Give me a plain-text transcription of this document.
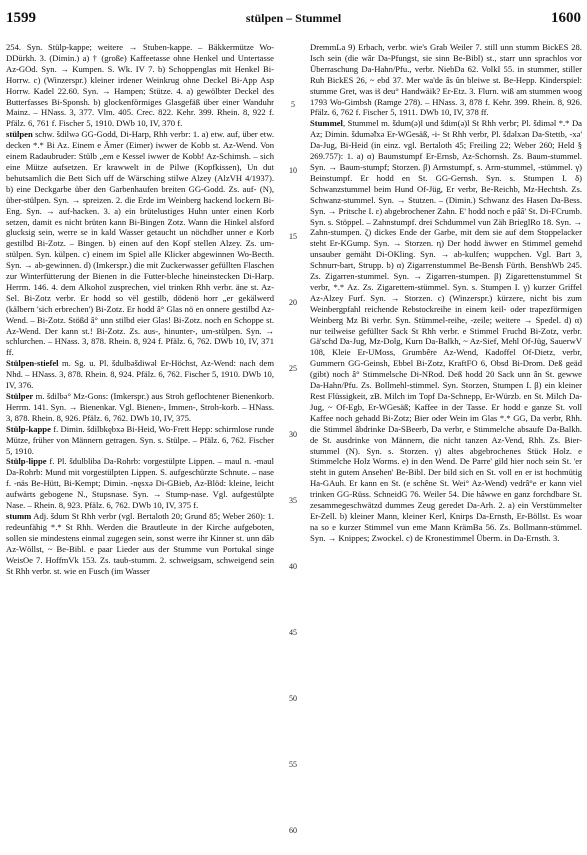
1599	stülpen – Stummel	1600
254. Syn. Stülp-kappe; weitere → Stuben-kappe. – Bäkkermütze Wo-DDürkh. 3. (Dimin.) a) † (große) Kaffeetasse ohne Henkel und Untertasse Az-GOd. Syn. → Kumpen. S. Wk. IV 7. b) Schoppenglas mit Henkel Bi-Horrw. c) (Winzerspr.) kleiner irdener Weinkrug ohne Deckel Bi-App Asp Horrw. Kadel 22.60. Syn. → Hampen; Stütze. 4. a) gewölbter Deckel des Butterfasses Bi-Sponsh. b) glockenförmiges Glasgefäß über einer Wanduhr Mainz. – HNass. 3, 377. Vlm. 405. Crec. 822. Kehr. 399. Rhein. 8, 922 f. Pfälz. 6, 761 f. Fischer 5, 1910. DWb 10, IV, 370 f.
stülpen schw. šdilwə GG-Godd, Di-Harp, Rhh verbr: 1. a) etw. auf, über etw. decken *.* Bi Az. Einem e Ämer (Eimer) iwwer de Kobb st. Az-Wend. Von einem Radaubruder: Stülb „em e Kessel iwwer de Kobb! Az-Schimsh. – sich eine Mütze aufsetzen. Er krawwelt in de Pilwe (Kopfkissen), Un dut behutsamlich die Bett Sich uff de Wärsching stilwe Alzey (AlzVH 4/1937). b) eine Deckgarbe über den Garbenhaufen breiten GG-Godd. Zs. auf- (N), über-stülpen. Syn. → spreizen. 2. die Erde im Weinberg hackend lockern Bi-Eng. Syn. → auf-hacken. 3. a) ein brütelustiges Huhn unter einen Korb setzen, damit es nicht brüten kann Bi-Bingen Zotz. Wann die Hinkel alsford glucksig sein, werre se in kald Wasser getaucht un nöchdher unner e Korb gestilbd Bi-Zotz. – Bingen. b) einen auf den Kopf stellen Alzey. Zs. um-stülpen. Syn. külpen. c) einem im Spiel alle Klicker abgewinnen Wo-Becth. Syn. → ab-gewinnen. d) (Imkerspr.) die mit Zuckerwasser gefüllten Flaschen zur Winterfütterung der Bienen in die Futter-bleche hineinstecken Di-Harp. Herrm. 146. 4. dem Alkohol zusprechen, viel trinken Rhh verbr. äne st. Az-Sel. Bi-Zotz verbr. Er hodd so vël gestilb, dödenö horr „er gekälwerd (kälbern 'sich erbrechen') Bi-Zotz. Er hodd â° Glas nö en onnere gestilbd Az-Wend. – Bi-Zotz. Stößd â° unn stilbd eier Glas! Bi-Zotz. noch en Schoppe st. Az-Wend. Der kann st.! Bi-Zotz. Zs. aus-, hinunter-, um-stülpen. Syn. → schlurchen. – HNass. 3, 878. Rhein. 8, 924 f. Pfälz. 6, 762. DWb 10, IV, 371 ff.
Stülpen-stiefel m. Sg. u. Pl. šdulbəšdiwəl Er-Höchst, Az-Wend: nach dem Nhd. – HNass. 3, 878. Rhein. 8, 924. Pfälz. 6, 762. Fischer 5, 1910. DWb 10, IV, 376.
Stülper m. šdilbə° Mz-Gons: (Imkerspr.) aus Stroh geflochtener Bienenkorb. Herrm. 141. Syn. → Bienenkar. Vgl. Bienen-, Immen-, Stroh-korb. – HNass. 3, 878. Rhein. 8, 926. Pfälz. 6, 762. DWb 10, IV, 375.
Stülp-kappe f. Dimin. šdilbkębxə Bi-Heid, Wo-Frett Hepp: schirmlose runde Mütze, früher von Männern getragen. Syn. s. Stülpe. – Pfälz. 6, 762. Fischer 5, 1910.
Stülp-lippe f. Pl. šdulbliba Da-Rohrb: vorgestülpte Lippen. – maul n. -maul Da-Rohrb: Mund mit vorgestülpten Lippen. S. aufgeschürzte Schnute. – nase f. -näs Be-Hütt, Bi-Kempt; Dimin. -nęsxə Di-GBieb, Az-Blöd: kleine, leicht aufwärts gebogene N., Stupsnase. Syn. → Stump-nase. Vgl. aufgestülpte Nase. – Rhein. 8, 923. Pfälz. 6, 762. DWb 10, IV, 375 f.
stumm Adj. šdum St Rhh verbr (vgl. Bertaloth 20; Grund 85; Weber 260): 1. redeunfähig *.* St Rhh. Werden die Brautleute in der Kirche aufgeboten, sollen sie mindestens einmal zugegen sein, sonst werre ihr Kinner st. unn dãb Az-Wöllst, ~ Be-Bibl. e paar Lieder aus der Stumme vun Portukal singe WeisOe 7. HoffmVk 153. Zs. taub-stumm. 2. schweigsam, schweigend sein St Rhh verbr. st. wie en Fusch (im Wasser
5
10
15
20
25
30
35
40
45
50
55
60
DremmLa 9) Erbach, verbr. wie's Grab Weiler 7. still unn stumm BickES 28. Isch sein (die wâr Da-Pfungst, sie sinn Be-Bibl) st., starr unn sprachlos vor Überraschung Da-Hahn/Pfu., verbr. NiebDa 62. VolkI 55. in stummer, stiller Ruh BickES 26, ~ ebd 37. Mer wa'de âs ûn bleiwe st. Be-Hepp. Kinderspiel: stumme Gret, was is̃ deu° Handwäik? Er-Etz. 3. Flurn. wiß am stummen woog 1793 Wo-Gimbsh (Ramge 278). – HNass. 3, 878 f. Kehr. 399. Rhein. 8, 926. Pfälz. 6, 762 f. Fischer 5, 1911. DWb 10, IV, 378 ff.
Stummel, Stummel m. šdum(ə)l und šdim(ə)l St Rhh verbr; Pl. šdiməl *.* Da Az; Dimin. šdumə̃lxə Er-WGesäß, -i- St Rhh verbr, Pl. šdəlxən Da-Stettb, -xə' Da-Jug, Bi-Heid (in einz. vgl. Bertaloth 45; Freiling 22; Weber 260; Held § 269.757): 1. a) α) Baumstumpf Er-Ernsb, Az-Schornsh. Zs. Baum-stummel. Syn. → Baum-stumpf; Storzen. β) Armstumpf, s. Arm-stummel, -stümmel. γ) Beinstumpf. Er hodd en St. GG-Gernsh. Syn. s. Stumpen I. δ) Schwanzstummel beim Hund Of-Jüg, Er verbr, Be-Reichb, Mz-Hechtsh. Zs. Schwanz-stummel. Syn. → Stutzen. – (Dimin.) Schwanz des Hasen Da-Bess. Syn. → Pritsche I. ε) abgebrochener Zahn. E' hodd noch e pââ' St. Di-FCrumb. Syn. s. Stöppel. – Zahnstumpf. drei Schdummel vun Zäh BrieglRo 18. Syn. → Zahn-stumpen. ζ) dickes Ende der Garbe, mit dem sie auf dem Stoppelacker steht Er-KGump. Syn. → Storzen. η) Der hodd äwwer en Stimmel gemehd unsauber gemäht Di-OKling. Syn. → ab-kulfen; wuppchen. Vgl. Bart 3, Schnurr-bart, Strupp. b) α) Zigarrenstummel Be-Bensh Fürth. BenshWb 245. Zs. Zigarren-stummel. Syn. → Zigarren-stumpen. β) Zigarettenstummel St verbr, *.* Az. Zs. Zigarettem-stümmel. Syn. s. Stumpen I. γ) kurzer Griffel Az-Alzey Furf. Syn. → Storzen. c) (Winzerspr.) kürzere, nicht bis zum Weinbergpfahl reichende Rebstockreihe in einem keil- oder trapezförmigen Weinberg Mz Bi verbr. Syn. Stümmel-reihe, -zeile; weitere → Spedel. d) α) nur teilweise gefüllter Sack St Rhh verbr. e Stimmel Fruchd Bi-Zotz, verbr. Gä'schd Da-Jug, Mz-Dolg, Kurn Da-Balkh, ~ Az-Sief, Mehl Of-Jüg, SauerwV 108, Kleie Er-UMoss, Grumbêre Az-Wend, Kadoffel Of-Dietz, verbr, Gummern GG-Geinsh, Ebbel Bi-Zotz, KraftFO 6, Obsd Bi-Drom. Deß geäd (gibt) noch â° Stimmelsche Di-NRod. Deß hodd 20 Sack unn ân St. gewwe Da-Hahn/Pfu. Zs. Bollmehl-stimmel. Syn. Storzen, Stumpen I. β) ein kleiner Rest Flüssigkeit, zB. Milch im Topf Da-Schnepp, Er-Würzb. en St. Milch Da-Jug, ~ Of-Egb, Er-WGesäß; Kaffee in der Tasse. Er hodd e ganze St. voll Kaffee noch gehadd Bi-Zotz; Bier oder Wein im Glas *.* GG, Da verbr, Rhh. die Stimmel âbdrinke Da-SBeerb, Da verbr, e Stimmelche absaufe Da-Balkh. de St. ausdrinke von Männern, die nicht tanzen Az-Vend, Rhh. Zs. Bier-stummel (N). Syn. s. Storzen. γ) altes abgebrochenes Stück Holz. e Stimmelche Holz Worms. e) in den Wend. De Parre' gild hier noch sein St. 'er steht in gutem Ansehen' Be-Bibl. Der bild sich en St. voll en er ist hochmütig Ha-GAuh. Er kann en St. (e schêne St. Wei° Az-Wend) vedrâ°e er kann viel trinken GG-Rüss. SchneidG 76. Weiler 54. Die hâwwe en ganz forchdbare St. zesammegeschwätzd dummes Zeug geredet Da-Arh. 2. a) ein Verstümmelter Er-Zell. b) kleiner Mann, kleiner Kerl, Knirps Da-Ernsth, Er-Böllst. Es woar na so e kurzer Stimmel vun eme Mann KrämBa 56. Zs. Bollmann-stümmel. Syn. → Knippes; Zwockel. c) de Kronestimmel Überm. in Da-Ernsth. 3.
